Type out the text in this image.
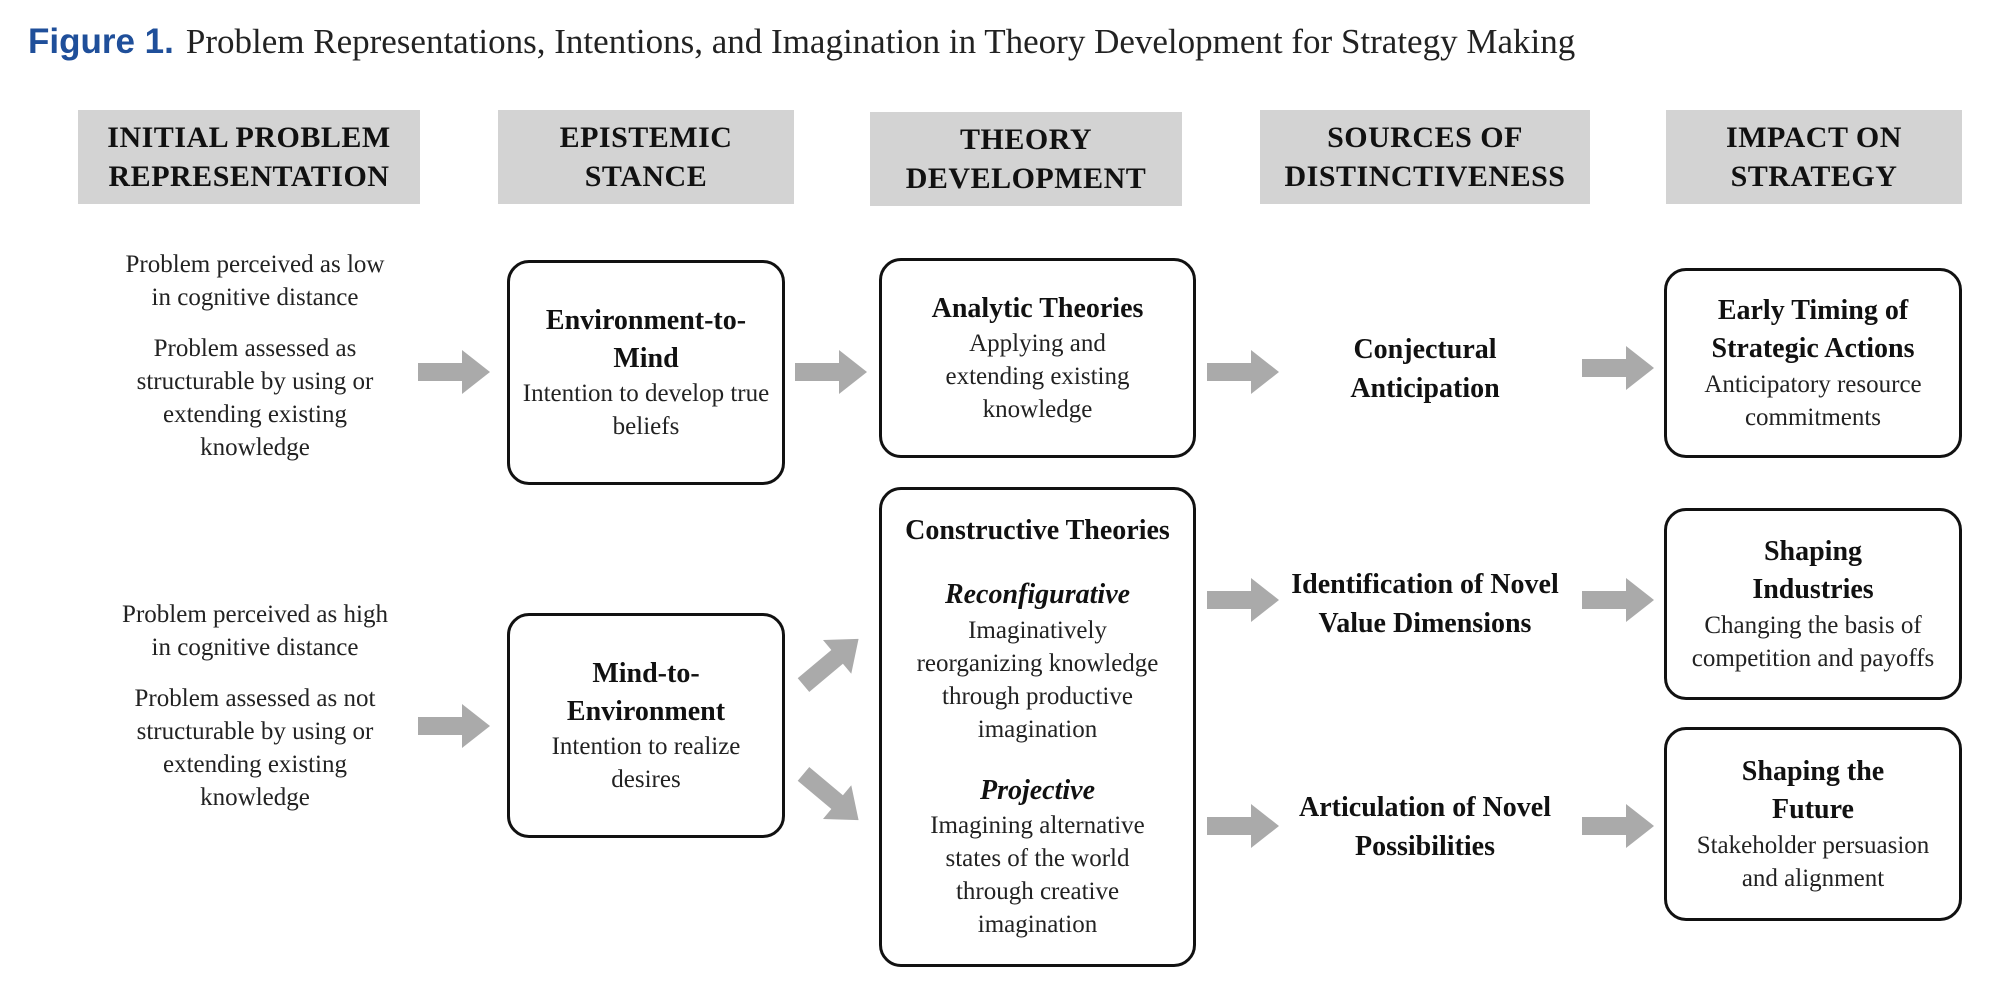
Figure 1. Problem Representations, Intentions, and Imagination in Theory Development for Strategy Making
INITIAL PROBLEM REPRESENTATION
EPISTEMIC STANCE
THEORY DEVELOPMENT
SOURCES OF DISTINCTIVENESS
IMPACT ON STRATEGY

Problem perceived as low in cognitive distance

Problem assessed as structurable by using or extending existing knowledge

Problem perceived as high in cognitive distance

Problem assessed as not structurable by using or extending existing knowledge

Environment-to-Mind
Intention to develop true beliefs
Mind-to-Environment
Intention to realize desires
Analytic Theories
Applying and extending existing knowledge
Constructive Theories
Reconfigurative
Imaginatively reorganizing knowledge through productive imagination
Projective
Imagining alternative states of the world through creative imagination
Conjectural Anticipation
Identification of Novel Value Dimensions
Articulation of Novel Possibilities
Early Timing of Strategic Actions
Anticipatory resource commitments
Shaping Industries
Changing the basis of competition and payoffs
Shaping the Future
Stakeholder persuasion and alignment
